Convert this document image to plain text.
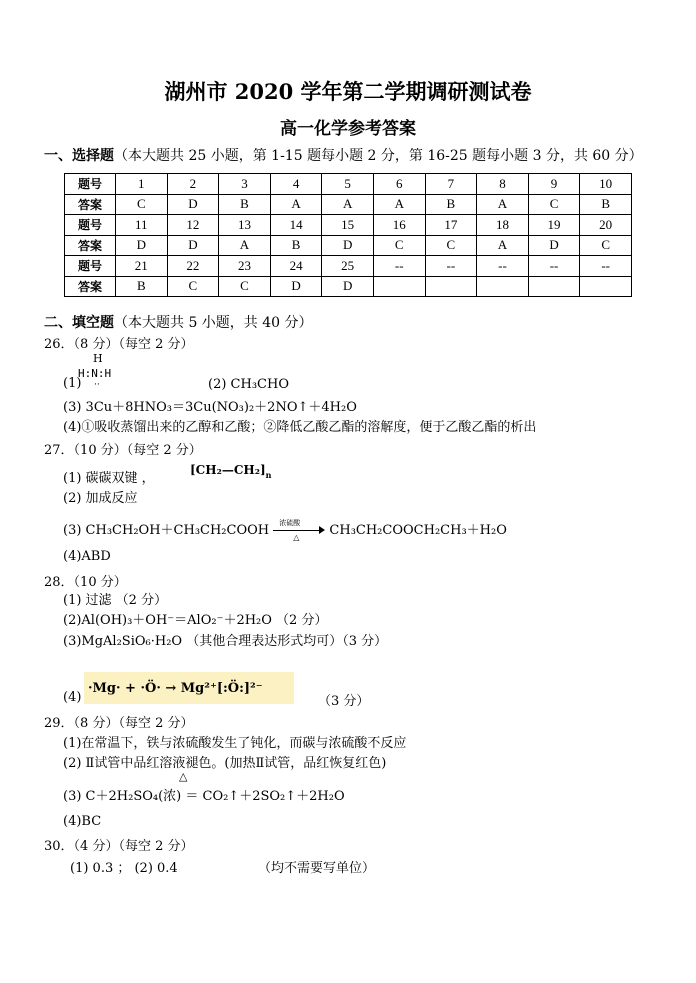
湖州市 2020 学年第二学期调研测试卷
高一化学参考答案
一、选择题（本大题共 25 小题，第 1-15 题每小题 2 分，第 16-25 题每小题 3 分，共 60 分）
题号	1	2	3	4	5	6	7	8	9	10
答案	C	D	B	A	A	A	B	A	C	B
题号	11	12	13	14	15	16	17	18	19	20
答案	D	D	A	B	D	C	C	A	D	C
题号	21	22	23	24	25	--	--	--	--	--
答案	B	C	C	D	D					
二、填空题（本大题共 5 小题，共 40 分）
26．（8 分）（每空 2 分）
(1)
H
H:N:H
··	(2) CH₃CHO
(3) 3Cu＋8HNO₃＝3Cu(NO₃)₂＋2NO↑＋4H₂O
(4)①吸收蒸馏出来的乙醇和乙酸；②降低乙酸乙酯的溶解度，便于乙酸乙酯的析出
27．（10 分）（每空 2 分）
(1) 碳碳双键 ，
$[CH_2—CH_2]_n$
(2) 加成反应
(3) CH₃CH₂OH＋CH₃CH₂COOH
浓硫酸
△ CH₃CH₂COOCH₂CH₃＋H₂O
(4)ABD
28．（10 分）
(1) 过滤 （2 分）
(2)Al(OH)₃＋OH⁻＝AlO₂⁻＋2H₂O （2 分）
(3)MgAl₂SiO₆·H₂O （其他合理表达形式均可）（3 分）
(4)
·Mg· + ·Ö· → Mg²⁺[:Ö:]²⁻
（3 分）
29．（8 分）（每空 2 分）
(1)在常温下，铁与浓硫酸发生了钝化，而碳与浓硫酸不反应
(2) Ⅱ试管中品红溶液褪色。(加热Ⅱ试管，品红恢复红色)
△
(3) C＋2H₂SO₄(浓) ＝ CO₂↑＋2SO₂↑＋2H₂O
(4)BC
30．（4 分）（每空 2 分）
(1) 0.3 ； (2) 0.4	（均不需要写单位）
